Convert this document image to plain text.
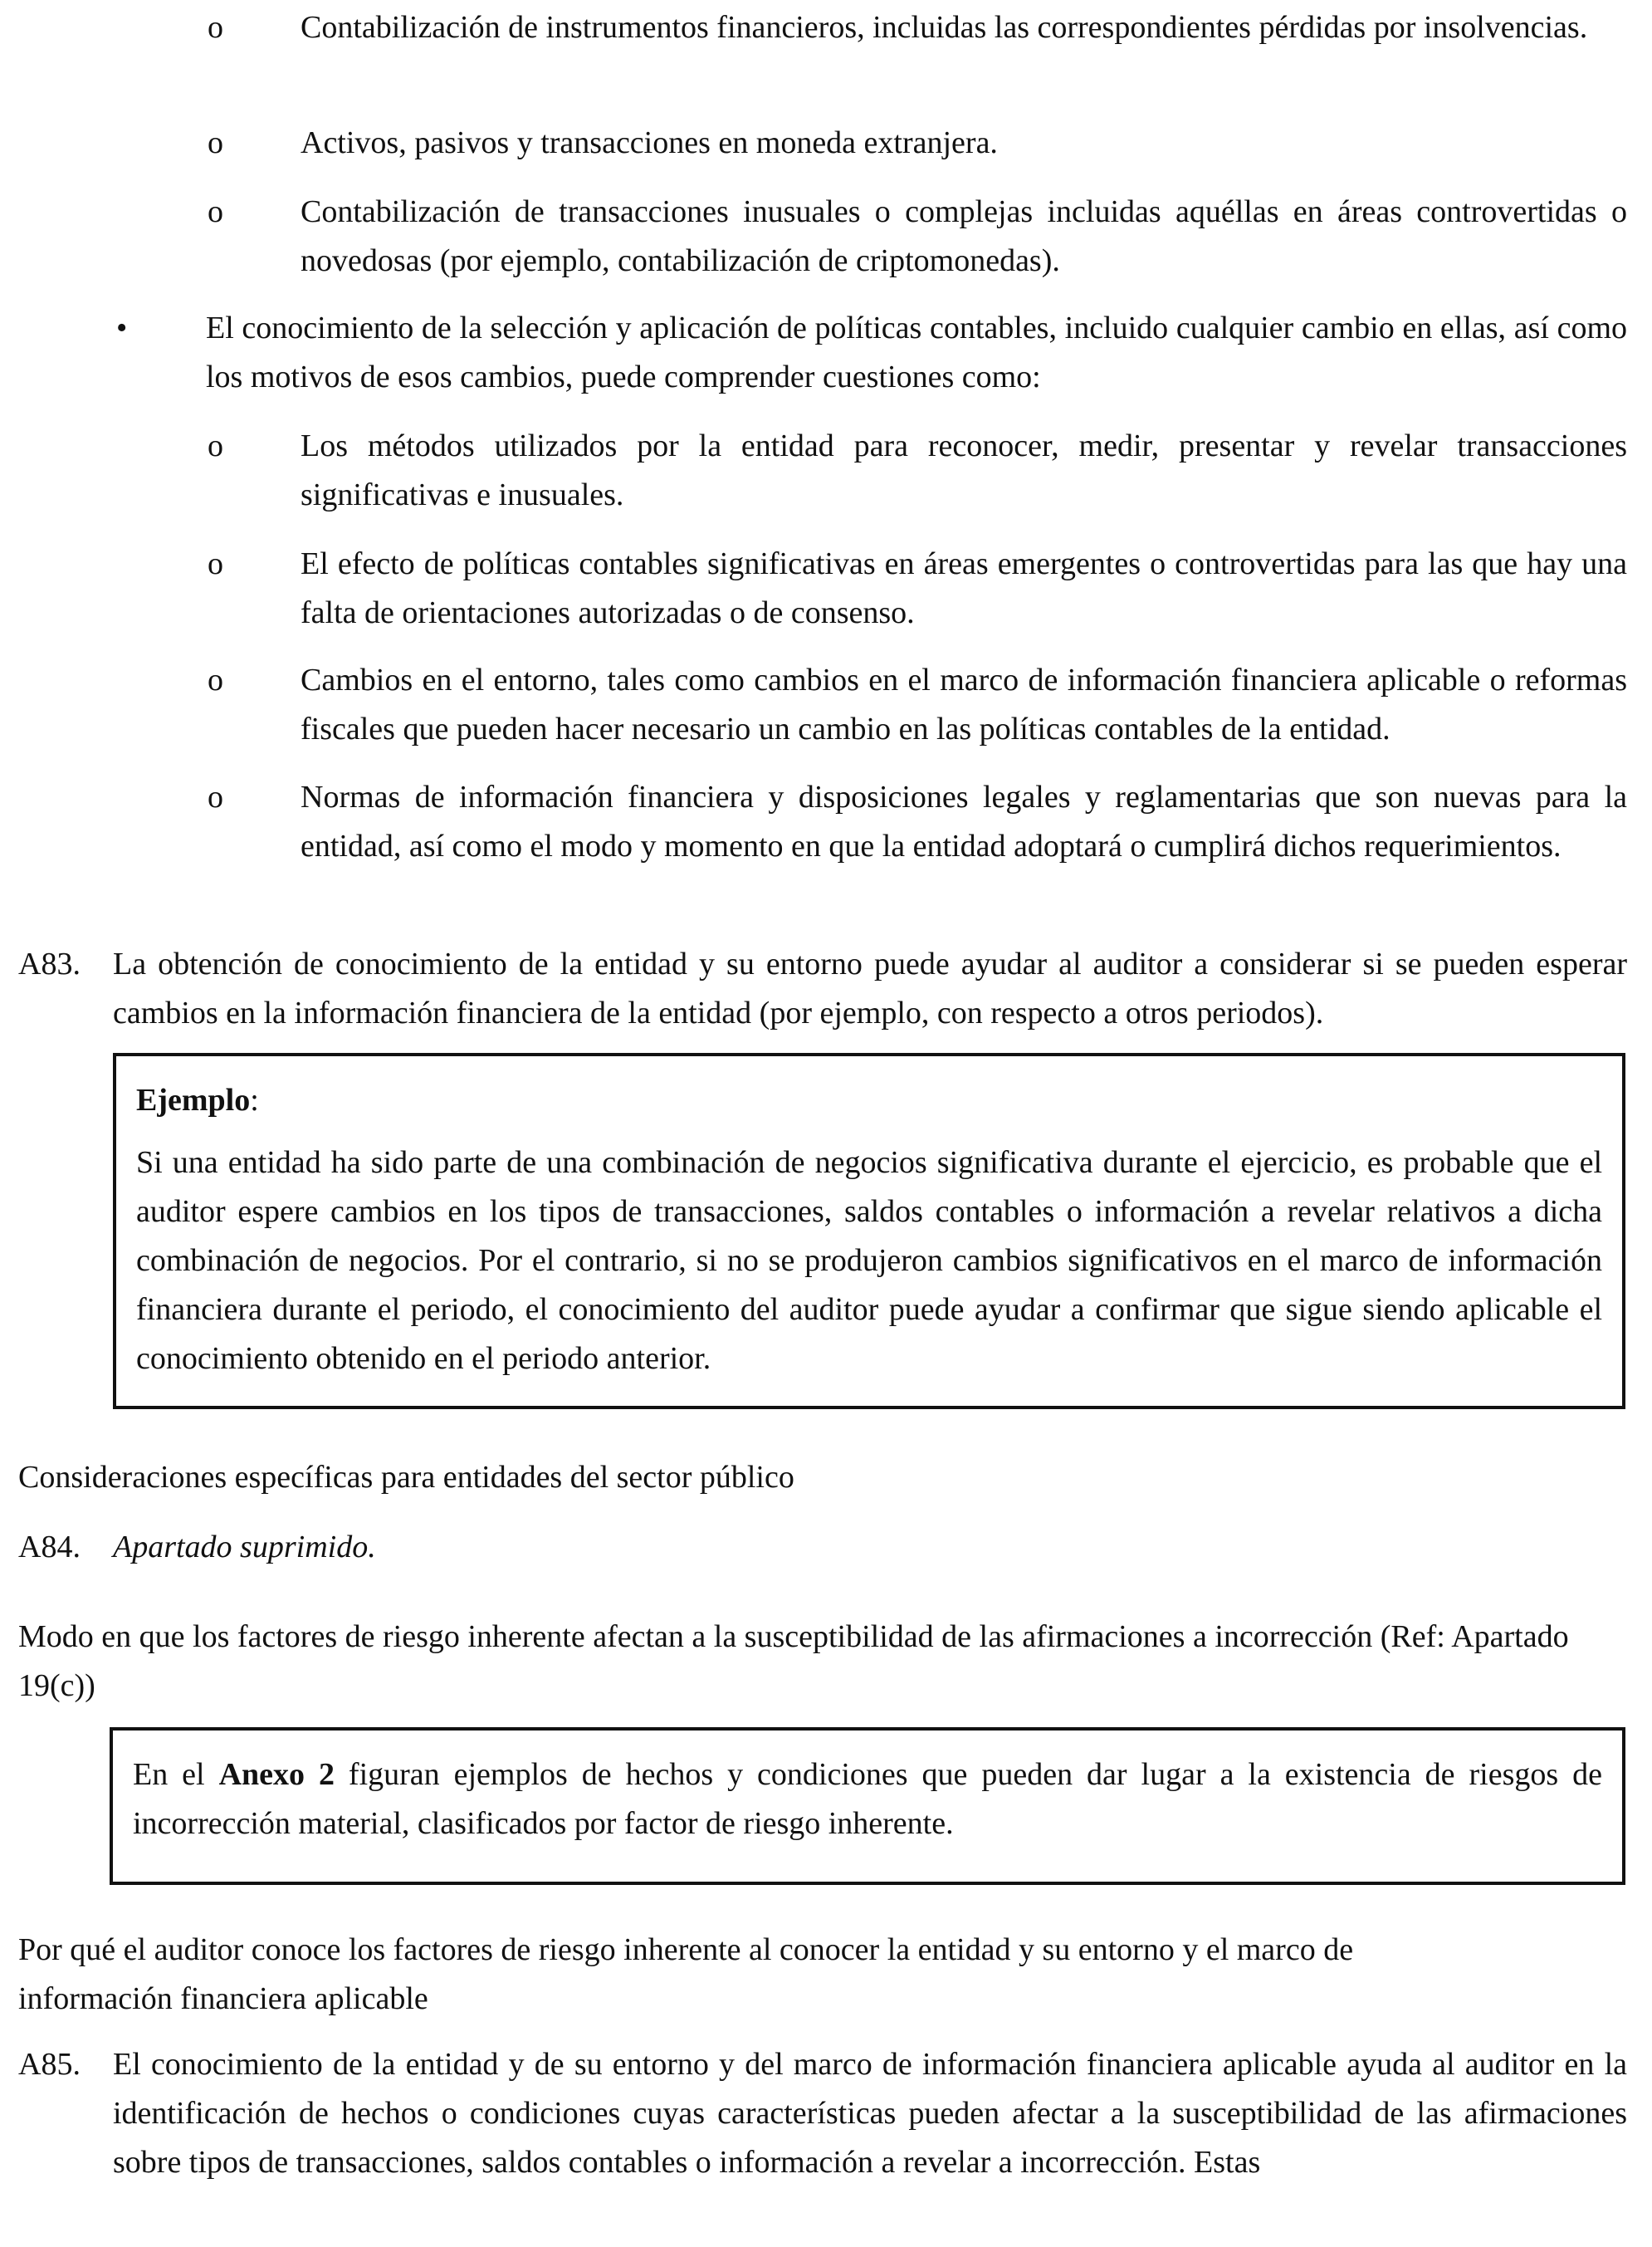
o Contabilización de instrumentos financieros, incluidas las correspondientes pérdidas por insolvencias.
o Activos, pasivos y transacciones en moneda extranjera.
o Contabilización de transacciones inusuales o complejas incluidas aquéllas en áreas controvertidas o novedosas (por ejemplo, contabilización de criptomonedas).
• El conocimiento de la selección y aplicación de políticas contables, incluido cualquier cambio en ellas, así como los motivos de esos cambios, puede comprender cuestiones como:
o Los métodos utilizados por la entidad para reconocer, medir, presentar y revelar transacciones significativas e inusuales.
o El efecto de políticas contables significativas en áreas emergentes o controvertidas para las que hay una falta de orientaciones autorizadas o de consenso.
o Cambios en el entorno, tales como cambios en el marco de información financiera aplicable o reformas fiscales que pueden hacer necesario un cambio en las políticas contables de la entidad.
o Normas de información financiera y disposiciones legales y reglamentarias que son nuevas para la entidad, así como el modo y momento en que la entidad adoptará o cumplirá dichos requerimientos.
A83. La obtención de conocimiento de la entidad y su entorno puede ayudar al auditor a considerar si se pueden esperar cambios en la información financiera de la entidad (por ejemplo, con respecto a otros periodos).
Ejemplo:
Si una entidad ha sido parte de una combinación de negocios significativa durante el ejercicio, es probable que el auditor espere cambios en los tipos de transacciones, saldos contables o información a revelar relativos a dicha combinación de negocios. Por el contrario, si no se produjeron cambios significativos en el marco de información financiera durante el periodo, el conocimiento del auditor puede ayudar a confirmar que sigue siendo aplicable el conocimiento obtenido en el periodo anterior.
Consideraciones específicas para entidades del sector público
A84. Apartado suprimido.
Modo en que los factores de riesgo inherente afectan a la susceptibilidad de las afirmaciones a incorrección (Ref: Apartado 19(c))
En el Anexo 2 figuran ejemplos de hechos y condiciones que pueden dar lugar a la existencia de riesgos de incorrección material, clasificados por factor de riesgo inherente.
Por qué el auditor conoce los factores de riesgo inherente al conocer la entidad y su entorno y el marco de información financiera aplicable
A85. El conocimiento de la entidad y de su entorno y del marco de información financiera aplicable ayuda al auditor en la identificación de hechos o condiciones cuyas características pueden afectar a la susceptibilidad de las afirmaciones sobre tipos de transacciones, saldos contables o información a revelar a incorrección. Estas
